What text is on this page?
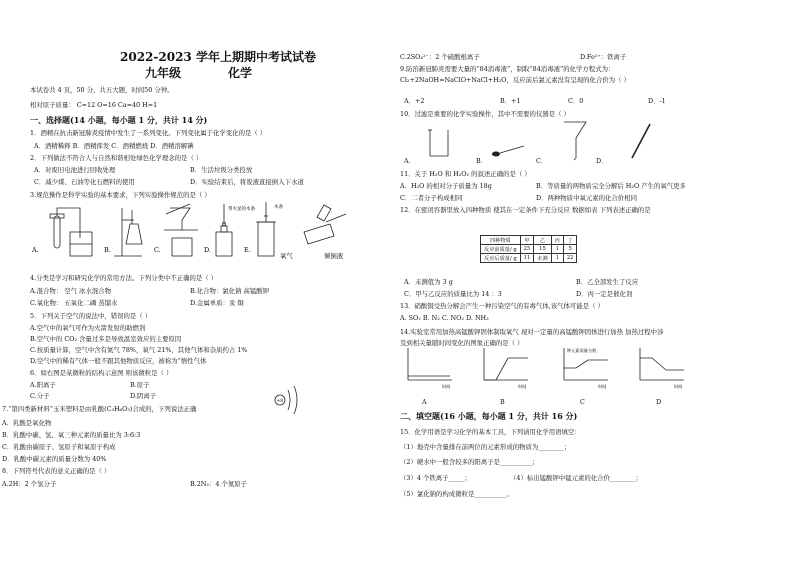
2022-2023 学年上期期中考试试卷
九年级	化学
本试卷共 4 页，50 分，共五大题，时间50 分钟。
相对原子质量： C=12 O=16 Ca=40 H=1
一、选择题(14 小题，每小题 1 分，共计 14 分)
1．酒精在抗击新冠肺炎疫情中发生了一系列变化。下列变化属于化学变化的是（ ）
A．酒精稀释 B．酒精挥发 C．酒精燃烧 D．酒精溶解碘
2．下列做法不符合人与自然和谐相处绿色化学理念的是（ ）
A．对废旧电池进行回收处理	B．生活垃圾分类投放
C．减少煤、石油等化石燃料的使用	D．实验结束后，将废液直接倒入下水道
3.规范操作是科学实验的基本要求，下列实验操作规范的是（ ）
A.	B.	C.	D.	E.
倾倒液
带火星的木条	木条
氧气
4.分类是学习和研究化学的常用方法。下列分类中不正确的是（ ）
A.混合物： 空气 冰水混合物	B.化合物：氯化钠 高锰酸钾
C.氧化物： 五氧化二磷 蒸馏水	D.金属单质：汞 铜
5．下列关于空气的说法中，错误的是（ ）
A.空气中的氧气可作为火箭发射的助燃剂
B.空气中的 CO₂ 含量过多是导致温室效应的主要原因
C.按质量计算，空气中含有氮气 78%，氧气 21%，其他气体和杂质约占 1%
D.空气中的稀有气体一般不跟其他物质反应，被称为“惰性气体
6．如右图是某微粒的结构示意图 则该微粒是（ ）
A.阳离子	B.原子
C.分子	D.阴离子
+8
7.“第四类新材料”玉米塑料是由乳酸(C₃H₆O₃)合成的，下列说法正确
A．乳酸是氧化物
B．乳酸中碳、氢、氧三种元素的质量比为 3:6:3
C．乳酸由碳原子、氢原子和氧原子构成
D．乳酸中碳元素的质量分数为 40%
8．下列符号代表的意义正确的是（ ）
A.2H：2 个氢分子	B.2N₂：4 个氮原子
C.2SO₄²⁻：2 个硫酸根离子	D.Fe²⁺：铁离子
9.防治新冠肺炎需要大量的“84消毒液”，制取“84消毒液”的化学方程式为：
Cl₂+2NaOH=NaClO+NaCl+H₂O，反应前后氯元素没有呈现的化合价为（ ）
A．+2	B．+1	C．0	D．-1
10．过滤是重要的化学实验操作，其中不需要的仪器是（ ）
A．	B．	C．	D．
11．关于 H₂O 和 H₂O₂ 的叙述正确的是（ ）
A．H₂O 的相对分子质量为 18g	B．等质量的两物质完全分解后 H₂O 产生的氧气更多
C．二者分子构成相同	D．两种物质中氧元素的化合价相同
12．在密闭容器里放入四种物质 使其在一定条件下充分反应 数据如表 下列表述正确的是
四种物质	甲	乙	丙	丁
反应前质量/ g	25	15	1	5
反应后质量/ g	11	未测	1	22
A．未测值为 3 g	B．乙全部发生了反应
C．甲与乙反应的质量比为 14 ：3	D．丙一定是催化剂
13．硝酸铜受热分解会产生一种污染空气的有毒气体,该气体可能是（ ）
A. SO₂ B. N₂ C. NO₂ D. NH₃
14.实验室常用加热高锰酸钾固体制取氧气 现对一定量的高锰酸钾固体进行加热 加热过程中涉
及到相关量随时间变化的图象正确的是（ ）
钾元素质量分数
时间	时间	时间	时间
A	B	C	D
二、填空题(16 小题，每小题 1 分，共计 16 分)
15．化学用语是学习化学的基本工具，下列请用化学用语填空：
（1）地壳中含量排在前两位的元素形成的物质为________；
（2）硬水中一般含较多的阳离子是__________；
（3）4 个铁离子_____；	（4）标出锰酸钾中锰元素的化合价________；
（5）氯化钠的构成微粒是__________。
